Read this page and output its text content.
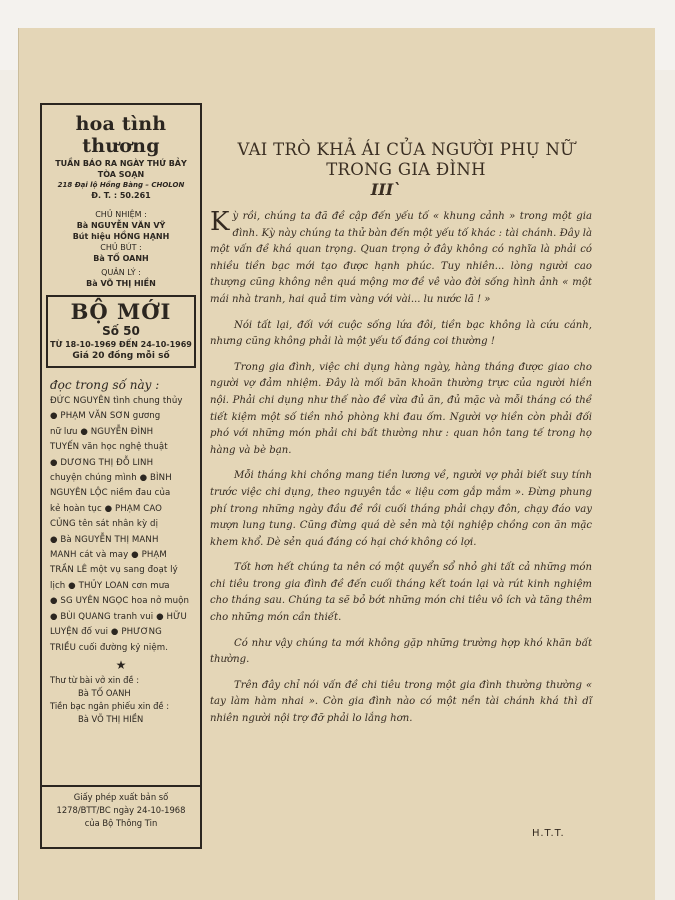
hoa tình thương
TUẦN BÁO RA NGÀY THỨ BẢY
TÒA SOẠN
218 Đại lộ Hồng Bàng – CHOLON
Đ. T. : 50.261
CHỦ NHIỆM :
Bà NGUYỄN VĂN VỸ
Bút hiệu HỒNG HẠNH
CHỦ BÚT :
Bà TỐ OANH
QUẢN LÝ :
Bà VÕ THỊ HIỀN
BỘ MỚI
Số 50
TỪ 18-10-1969 ĐẾN 24-10-1969
Giá 20 đồng mỗi số
đọc trong số này :
ĐỨC NGUYÊN tình chung thủy
● PHẠM VĂN SƠN gương
nữ lưu ● NGUYỄN ĐÌNH
TUYẾN văn học nghệ thuật
● DƯƠNG THỊ ĐỖ LINH
chuyện chúng mình ● BÌNH
NGUYÊN LỘC niềm đau của
kẻ hoàn tục ● PHẠM CAO
CỦNG tên sát nhân kỳ dị
● Bà NGUYỄN THỊ MANH
MANH cát và may ● PHẠM
TRẦN LÊ một vụ sang đoạt lý
lịch ● THỦY LOAN cơn mưa
● SG UYÊN NGỌC hoa nở muộn
● BÙI QUANG tranh vui ● HỮU
LUYỆN đố vui ● PHƯƠNG
TRIỀU cuối đường kỷ niệm.
★
Thư từ bài vở xin đề :
Bà TỐ OANH
Tiền bạc ngân phiếu xin đề :
Bà VÕ THỊ HIỀN
Giấy phép xuất bản số
1278/BTT/BC ngày 24-10-1968
của Bộ Thông Tin
VAI TRÒ KHẢ ÁI CỦA NGƯỜI PHỤ NỮ
TRONG GIA ĐÌNH
III`

Kỳ rồi, chúng ta đã đề cập đến yếu tố « khung cảnh » trong một gia đình. Kỳ này chúng ta thử bàn đến một yếu tố khác : tài chánh. Đây là một vấn đề khá quan trọng. Quan trọng ở đây không có nghĩa là phải có nhiều tiền bạc mới tạo được hạnh phúc. Tuy nhiên... lòng người cao thượng cũng không nên quá mộng mơ đề vê vào đời sống hình ảnh « một mái nhà tranh, hai quả tim vàng với vài... lu nước lã ! »

Nói tất lại, đối với cuộc sống lứa đôi, tiền bạc không là cứu cánh, nhưng cũng không phải là một yếu tố đáng coi thường !

Trong gia đình, việc chi dụng hàng ngày, hàng tháng được giao cho người vợ đảm nhiệm. Đây là mối băn khoăn thường trực của người hiền nội. Phải chi dụng như thế nào đề vừa đủ ăn, đủ mặc và mỗi tháng có thề tiết kiệm một số tiền nhỏ phòng khi đau ốm. Người vợ hiền còn phải đối phó với những món phải chi bất thường như : quan hôn tang tế trong họ hàng và bè bạn.

Mỗi tháng khi chồng mang tiền lương về, người vợ phải biết suy tính trước việc chi dụng, theo nguyên tắc « liệu cơm gắp mắm ». Đừng phung phí trong những ngày đầu đề rồi cuối tháng phải chạy đôn, chạy đáo vay mượn lung tung. Cũng đừng quá dè sẻn mà tội nghiệp chồng con ăn mặc khem khổ. Dè sẻn quá đáng có hại chớ không có lợi.

Tốt hơn hết chúng ta nên có một quyển sổ nhỏ ghi tất cả những món chi tiêu trong gia đình đề đến cuối tháng kết toán lại và rút kinh nghiệm cho tháng sau. Chúng ta sẽ bỏ bớt những món chi tiêu vô ích và tăng thêm cho những món cần thiết.

Có như vậy chúng ta mới không gặp những trường hợp khó khăn bất thường.

Trên đây chỉ nói vấn đề chi tiêu trong một gia đình thường thường « tay làm hàm nhai ». Còn gia đình nào có một nền tài chánh khá thì dĩ nhiên người nội trợ đỡ phải lo lắng hơn.

H.T.T.
